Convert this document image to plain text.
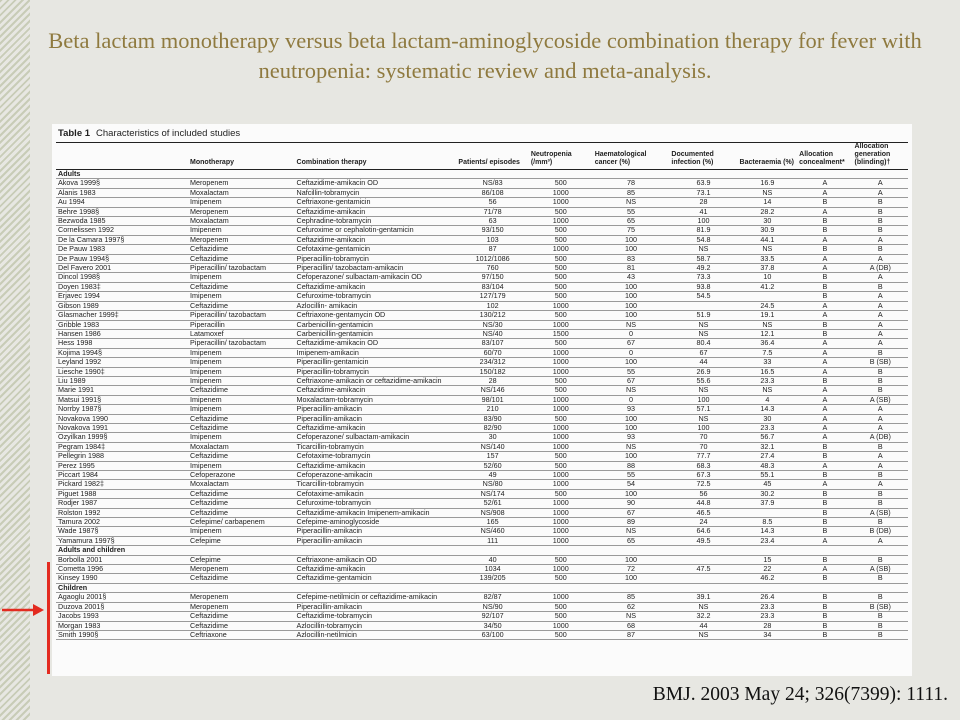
Beta lactam monotherapy versus beta lactam-aminoglycoside combination therapy for fever with neutropenia: systematic review and meta-analysis.
Table 1 Characteristics of included studies
	Monotherapy	Combination therapy	Patients/ episodes	Neutropenia (/mm³)	Haematological cancer (%)	Documented infection (%)	Bacteraemia (%)	Allocation concealment*	Allocation generation (blinding)†
Adults									
Akova 1999§	Meropenem	Ceftazidime-amikacin OD	NS/83	500	78	63.9	16.9	A	A
Alanis 1983	Moxalactam	Nafcillin-tobramycin	86/108	1000	85	73.1	NS	A	A
Au 1994	Imipenem	Ceftriaxone-gentamicin	56	1000	NS	28	14	B	B
Behre 1998§	Meropenem	Ceftazidime-amikacin	71/78	500	55	41	28.2	A	B
Bezwoda 1985	Moxalactam	Cephradine-tobramycin	63	1000	65	100	30	B	B
Cornelissen 1992	Imipenem	Cefuroxime or cephalotin-gentamicin	93/150	500	75	81.9	30.9	B	B
De la Camara 1997§	Meropenem	Ceftazidime-amikacin	103	500	100	54.8	44.1	A	A
De Pauw 1983	Ceftazidime	Cefotaxime-gentamicin	87	1000	100	NS	NS	B	B
De Pauw 1994§	Ceftazidime	Piperacillin-tobramycin	1012/1086	500	83	58.7	33.5	A	A
Del Favero 2001	Piperacillin/ tazobactam	Piperacillin/ tazobactam-amikacin	760	500	81	49.2	37.8	A	A (DB)
Dincol 1998§	Imipenem	Cefoperazone/ sulbactam-amikacin OD	97/150	500	43	73.3	10	B	A
Doyen 1983‡	Ceftazidime	Ceftazidime-amikacin	83/104	500	100	93.8	41.2	B	B
Erjavec 1994	Imipenem	Cefuroxime-tobramycin	127/179	500	100	54.5		B	A
Gibson 1989	Ceftazidime	Azlocillin- amikacin	102	1000	100		24.5	A	A
Glasmacher 1999‡	Piperacillin/ tazobactam	Ceftriaxone-gentamycin OD	130/212	500	100	51.9	19.1	A	A
Gribble 1983	Piperacillin	Carbenicillin-gentamicin	NS/30	1000	NS	NS	NS	B	A
Hansen 1986	Latamoxef	Carbenicillin-gentamicin	NS/40	1500	0	NS	12.1	B	A
Hess 1998	Piperacillin/ tazobactam	Ceftazidime-amikacin OD	83/107	500	67	80.4	36.4	A	A
Kojima 1994§	Imipenem	Imipenem-amikacin	60/70	1000	0	67	7.5	A	B
Leyland 1992	Imipenem	Piperacillin-gentamicin	234/312	1000	100	44	33	A	B (SB)
Liesche 1990‡	Imipenem	Piperacillin-tobramycin	150/182	1000	55	26.9	16.5	A	B
Liu 1989	Imipenem	Ceftriaxone-amikacin or ceftazidime-amikacin	28	500	67	55.6	23.3	B	B
Marie 1991	Ceftazidime	Ceftazidime-amikacin	NS/146	500	NS	NS	NS	A	B
Matsui 1991§	Imipenem	Moxalactam-tobramycin	98/101	1000	0	100	4	A	A (SB)
Norrby 1987§	Imipenem	Piperacillin-amikacin	210	1000	93	57.1	14.3	A	A
Novakova 1990	Ceftazidime	Piperacillin-amikacin	83/90	500	100	NS	30	A	A
Novakova 1991	Ceftazidime	Ceftazidime-amikacin	82/90	1000	100	100	23.3	A	A
Ozyilkan 1999§	Imipenem	Cefoperazone/ sulbactam-amikacin	30	1000	93	70	56.7	A	A (DB)
Pegram 1984‡	Moxalactam	Ticarcillin-tobramycin	NS/140	1000	NS	70	32.1	B	B
Pellegrin 1988	Ceftazidime	Cefotaxime-tobramycin	157	500	100	77.7	27.4	B	A
Perez 1995	Imipenem	Ceftazidime-amikacin	52/60	500	88	68.3	48.3	A	A
Piccart 1984	Cefoperazone	Cefoperazone-amikacin	49	1000	55	67.3	55.1	B	B
Pickard 1982‡	Moxalactam	Ticarcillin-tobramycin	NS/80	1000	54	72.5	45	A	A
Piguet 1988	Ceftazidime	Cefotaxime-amikacin	NS/174	500	100	56	30.2	B	B
Rodjer 1987	Ceftazidime	Cefuroxime-tobramycin	52/61	1000	90	44.8	37.9	B	B
Rolston 1992	Ceftazidime	Ceftazidime-amikacin Imipenem-amikacin	NS/908	1000	67	46.5		B	A (SB)
Tamura 2002	Cefepime/ carbapenem	Cefepime-aminoglycoside	165	1000	89	24	8.5	B	B
Wade 1987§	Imipenem	Piperacillin-amikacin	NS/460	1000	NS	64.6	14.3	B	B (DB)
Yamamura 1997§	Cefepime	Piperacillin-amikacin	111	1000	65	49.5	23.4	A	A
Adults and children									
Borbolla 2001	Cefepime	Ceftriaxone-amikacin OD	40	500	100		15	B	B
Cometta 1996	Meropenem	Ceftazidime-amikacin	1034	1000	72	47.5	22	A	A (SB)
Kinsey 1990	Ceftazidime	Ceftazidime-gentamicin	139/205	500	100		46.2	B	B
Children									
Agaoglu 2001§	Meropenem	Cefepime-netilmicin or ceftazidime-amikacin	82/87	1000	85	39.1	26.4	B	B
Duzova 2001§	Meropenem	Piperacillin-amikacin	NS/90	500	62	NS	23.3	B	B (SB)
Jacobs 1993	Ceftazidime	Ceftazidime-tobramycin	92/107	500	NS	32.2	23.3	B	B
Morgan 1983	Ceftazidime	Azlocillin-tobramycin	34/50	1000	68	44	28	B	B
Smith 1990§	Ceftriaxone	Azlocillin-netilmicin	63/100	500	87	NS	34	B	B
BMJ. 2003 May 24; 326(7399): 1111.
